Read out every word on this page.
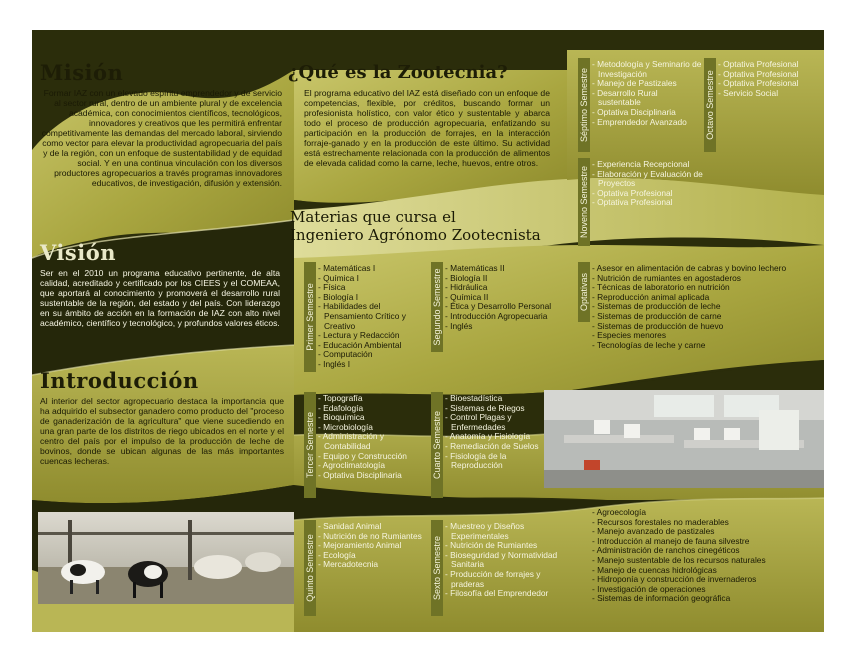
Misión
Formar IAZ con un elevado espíritu emprendedor y de servicio al sector rural, dentro de un ambiente plural y de excelencia académica, con conocimientos científicos, tecnológicos, innovadores y creativos que les permitirá enfrentar competitivamente las demandas del mercado laboral, sirviendo como vector para elevar la productividad agropecuaria del país y de la región, con un enfoque de sustentabilidad y de equidad social. Y en una continua vinculación con los diversos productores agropecuarios a través programas innovadores educativos, de investigación, difusión y extensión.
Visión
Ser en el 2010 un programa educativo pertinente, de alta calidad, acreditado y certificado por los CIEES y el COMEAA, que aportará al conocimiento y promoverá el desarrollo rural sustentable de la región, del estado y del país. Con liderazgo en su ámbito de acción en la formación de IAZ con alto nivel académico, científico y tecnológico, y profundos valores éticos.
Introducción
Al interior del sector agropecuario destaca la importancia que ha adquirido el subsector ganadero como producto del "proceso de ganaderización de la agricultura" que viene sucediendo en una gran parte de los distritos de riego ubicados en el norte y el centro del país por el impulso de la producción de leche de bovinos, donde se ubican algunas de las más importantes cuencas lecheras.
¿Qué es la Zootecnia?
El programa educativo del IAZ está diseñado con un enfoque de competencias, flexible, por créditos, buscando formar un profesionista holístico, con valor ético y sustentable y abarca todo el proceso de producción agropecuaria, enfatizando su participación en la producción de forrajes, en la interacción forraje-ganado y en la producción de este último. Su actividad está estrechamente relacionada con la producción de alimentos de elevada calidad como la carne, leche, huevos, entre otros.
Materias que cursa el
Ingeniero Agrónomo Zootecnista
Primer Semestre
- Matemáticas I
- Química I
- Física
- Biología I
- Habilidades del Pensamiento Crítico y Creativo
- Lectura y Redacción
- Educación Ambiental
- Computación
- Inglés I
Segundo Semestre
- Matemáticas II
- Biología II
- Hidráulica
- Química II
- Ética y Desarrollo Personal
- Introducción Agropecuaria
- Inglés
Tercer Semestre
- Topografía
- Edafología
- Bioquímica
- Microbiología
- Administración y Contabilidad
- Equipo y Construcción
- Agroclimatología
- Optativa Disciplinaria	Cuarto Semestre
- Bioestadística
- Sistemas de Riegos
- Control Plagas y Enfermedades
- Anatomía y Fisiología
- Remediación de Suelos
- Fisiología de la Reproducción
Quinto Semestre
- Sanidad Animal
- Nutrición de no Rumiantes
- Mejoramiento Animal
- Ecología
- Mercadotecnia	Sexto Semestre
- Muestreo y Diseños Experimentales
- Nutrición de Rumiantes
- Bioseguridad y Normatividad Sanitaria
- Producción de forrajes y praderas
- Filosofía del Emprendedor
Séptimo Semestre
- Metodología y Seminario de Investigación
- Manejo de Pastizales
- Desarrollo Rural sustentable
- Optativa Disciplinaria
- Emprendedor Avanzado	Octavo Semestre
- Optativa Profesional
- Optativa Profesional
- Optativa Profesional
- Servicio Social
Noveno Semestre
- Experiencia Recepcional
- Elaboración y Evaluación de Proyectos
- Optativa Profesional
- Optativa Profesional
Optativas
- Asesor en alimentación de cabras y bovino lechero
- Nutrición de rumiantes en agostaderos
- Técnicas de laboratorio en nutrición
- Reproducción animal aplicada
- Sistemas de producción de leche
- Sistemas de producción de carne
- Sistemas de producción de huevo
- Especies menores
- Tecnologías de leche y carne
- Agroecología
- Recursos forestales no maderables
- Manejo avanzado de pastizales
- Introducción al manejo de fauna silvestre
- Administración de ranchos cinegéticos
- Manejo sustentable de los recursos naturales
- Manejo de cuencas hidrológicas
- Hidroponía y construcción de invernaderos
- Investigación de operaciones
- Sistemas de información geográfica
